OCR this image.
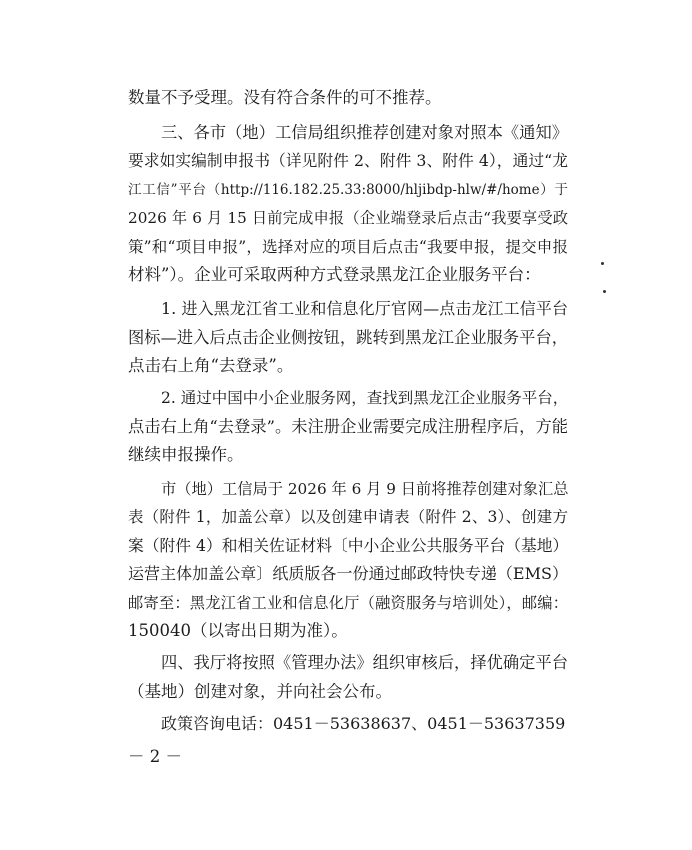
数量不予受理。没有符合条件的可不推荐。
三、各市（地）工信局组织推荐创建对象对照本《通知》
要求如实编制申报书（详见附件 2、附件 3、附件 4），通过“龙
江工信”平台（http://116.182.25.33:8000/hljibdp-hlw/#/home）于
2026 年 6 月 15 日前完成申报（企业端登录后点击“我要享受政
策”和“项目申报”，选择对应的项目后点击“我要申报，提交申报
材料”）。企业可采取两种方式登录黑龙江企业服务平台：
1. 进入黑龙江省工业和信息化厅官网—点击龙江工信平台
图标—进入后点击企业侧按钮，跳转到黑龙江企业服务平台，
点击右上角“去登录”。
2. 通过中国中小企业服务网，查找到黑龙江企业服务平台，
点击右上角“去登录”。未注册企业需要完成注册程序后，方能
继续申报操作。
市（地）工信局于 2026 年 6 月 9 日前将推荐创建对象汇总
表（附件 1，加盖公章）以及创建申请表（附件 2、3）、创建方
案（附件 4）和相关佐证材料〔中小企业公共服务平台（基地）
运营主体加盖公章〕纸质版各一份通过邮政特快专递（EMS）
邮寄至：黑龙江省工业和信息化厅（融资服务与培训处），邮编：
150040（以寄出日期为准）。
四、我厅将按照《管理办法》组织审核后，择优确定平台
（基地）创建对象，并向社会公布。
政策咨询电话：0451－53638637、0451－53637359
－ 2 －
